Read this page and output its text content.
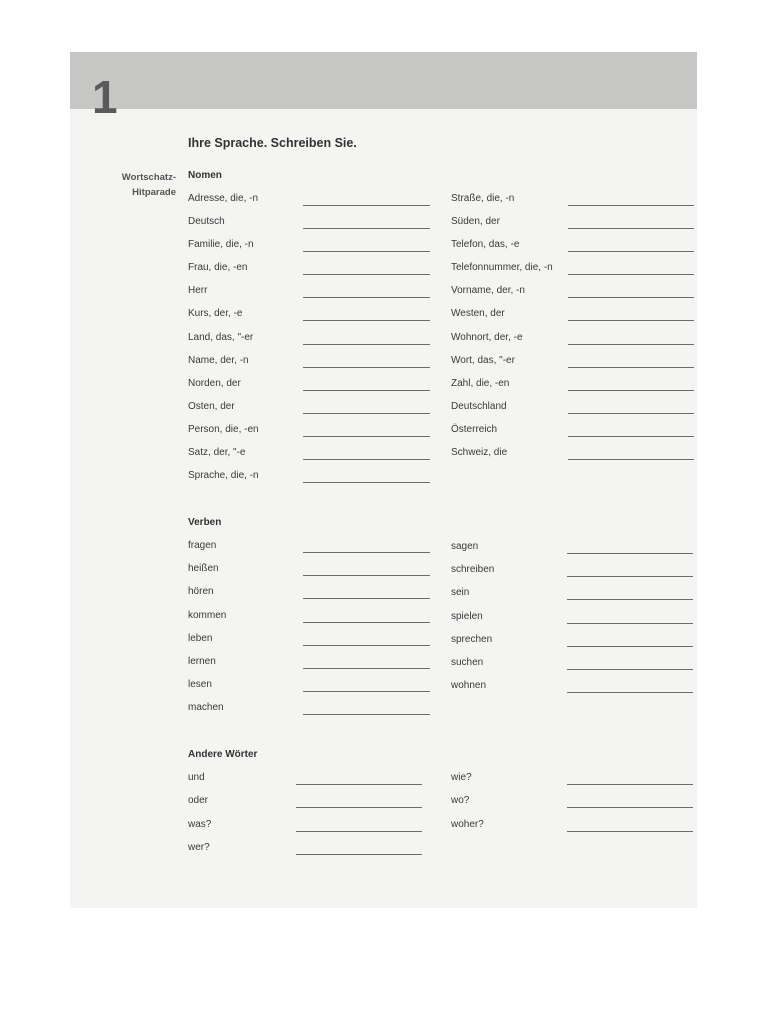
1
Ihre Sprache. Schreiben Sie.
Wortschatz-
Hitparade
Nomen
Adresse, die, -n
Deutsch
Familie, die, -n
Frau, die, -en
Herr
Kurs, der, -e
Land, das, "-er
Name, der, -n
Norden, der
Osten, der
Person, die, -en
Satz, der, "-e
Sprache, die, -n
Straße, die, -n
Süden, der
Telefon, das, -e
Telefonnummer, die, -n
Vorname, der, -n
Westen, der
Wohnort, der, -e
Wort, das, "-er
Zahl, die, -en
Deutschland
Österreich
Schweiz, die
Verben
fragen
heißen
hören
kommen
leben
lernen
lesen
machen
sagen
schreiben
sein
spielen
sprechen
suchen
wohnen
Andere Wörter
und
oder
was?
wer?
wie?
wo?
woher?
